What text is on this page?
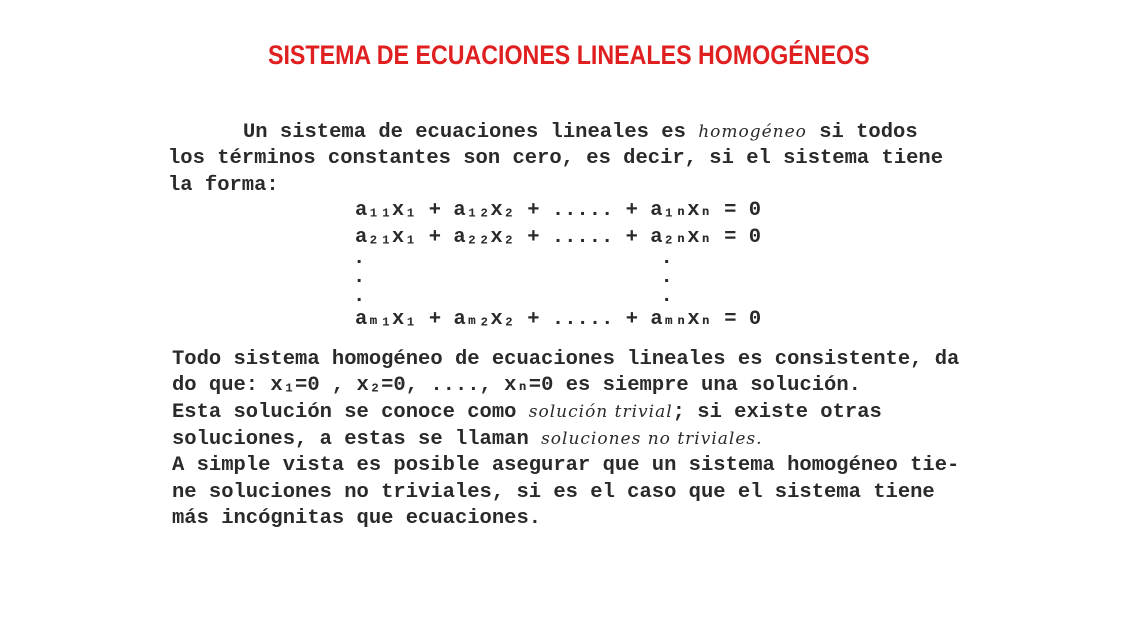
SISTEMA DE ECUACIONES LINEALES HOMOGÉNEOS
Un sistema de ecuaciones lineales es homogéneo si todos
los términos constantes son cero, es decir, si el sistema tiene
la forma:
a₁₁x₁ + a₁₂x₂ + ..... + a₁ₙxₙ = 0
a₂₁x₁ + a₂₂x₂ + ..... + a₂ₙxₙ = 0
.                        .
.                        .
.                        .
aₘ₁x₁ + aₘ₂x₂ + ..... + aₘₙxₙ = 0
Todo sistema homogéneo de ecuaciones lineales es consistente, da
do que: x₁=0 , x₂=0, ...., xₙ=0 es siempre una solución.
Esta solución se conoce como solución trivial; si existe otras
soluciones, a estas se llaman soluciones no triviales.
A simple vista es posible asegurar que un sistema homogéneo tie-
ne soluciones no triviales, si es el caso que el sistema tiene
más incógnitas que ecuaciones.
